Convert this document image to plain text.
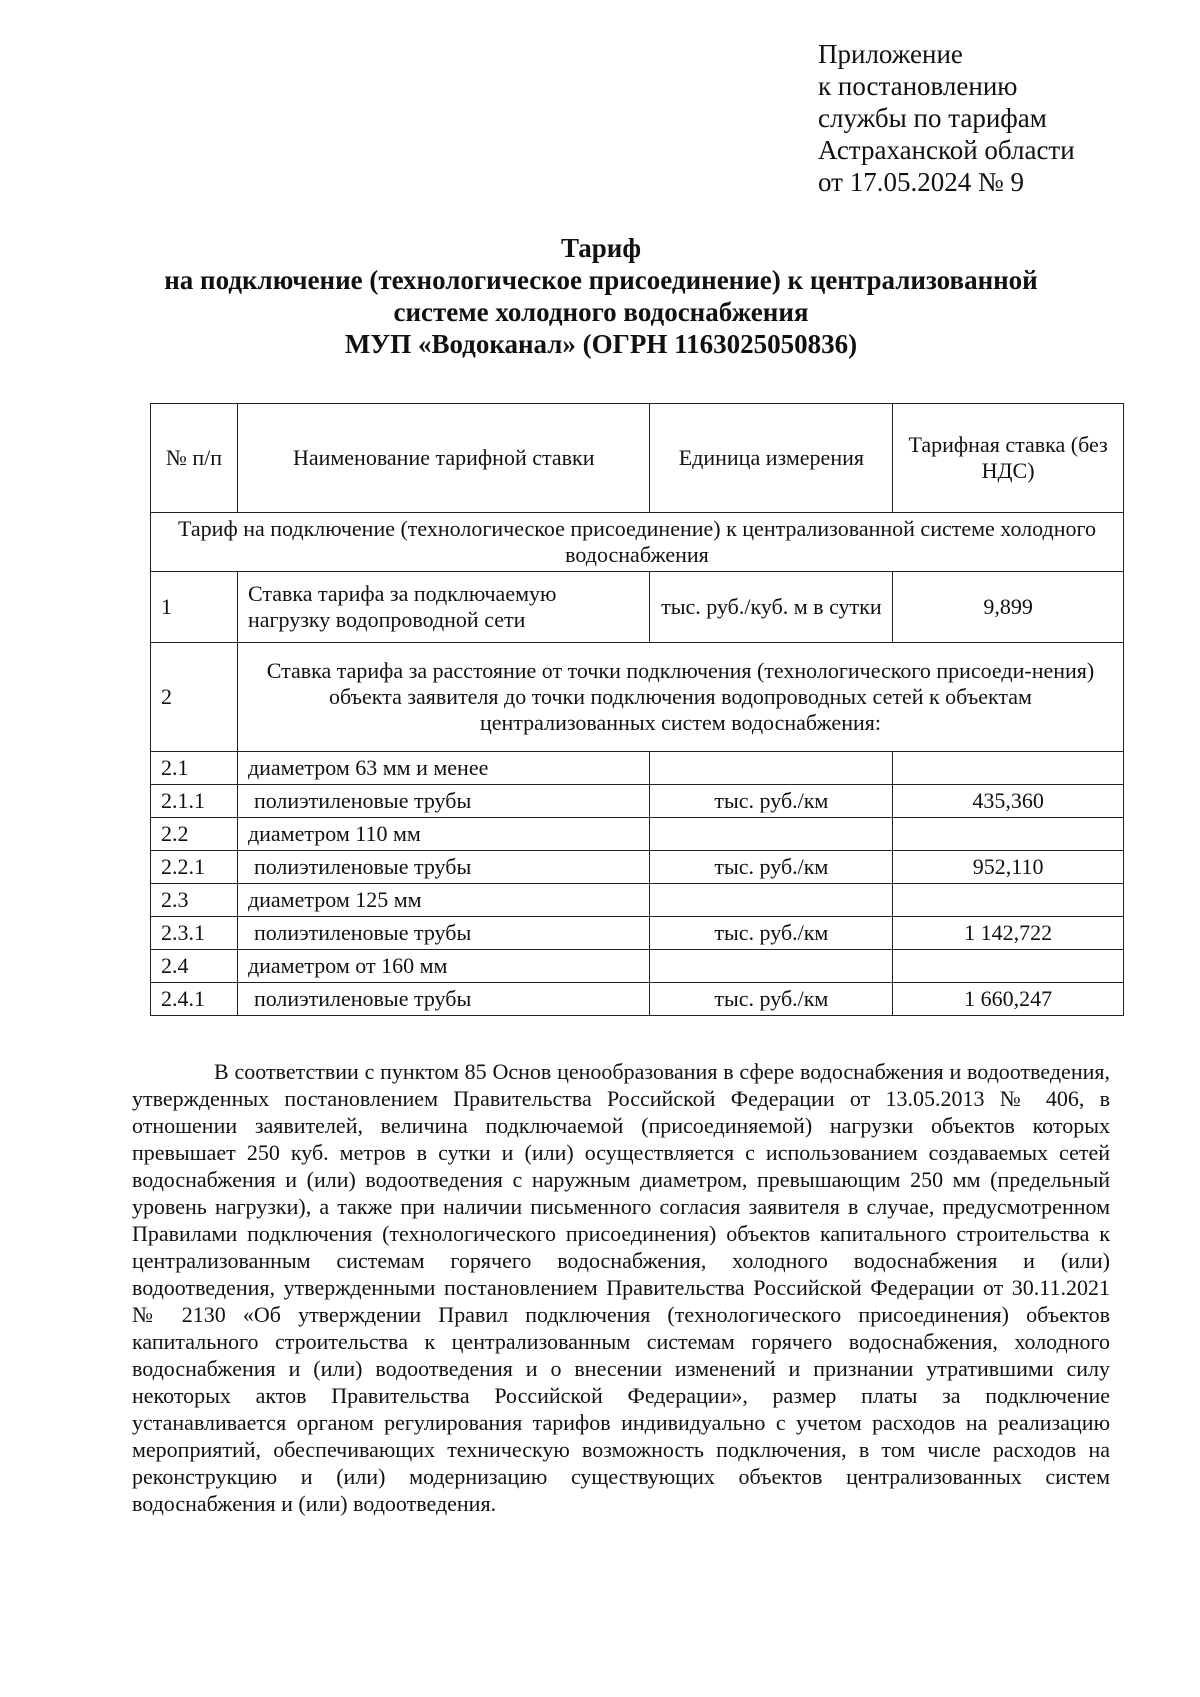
Приложение
к постановлению
службы по тарифам
Астраханской области
от 17.05.2024 № 9
Тариф
на подключение (технологическое присоединение) к централизованной
системе холодного водоснабжения
МУП «Водоканал» (ОГРН 1163025050836)
№ п/п	Наименование тарифной ставки	Единица измерения	Тарифная ставка (без НДС)
Тариф на подключение (технологическое присоединение) к централизованной системе холодного водоснабжения			
1	Ставка тарифа за подключаемую нагрузку водопроводной сети	тыс. руб./куб. м в сутки	9,899
2	Ставка тарифа за расстояние от точки подключения (технологического присоеди-нения) объекта заявителя до точки подключения водопроводных сетей к объектам централизованных систем водоснабжения:		
2.1	диаметром 63 мм и менее		
2.1.1	полиэтиленовые трубы	тыс. руб./км	435,360
2.2	диаметром 110 мм		
2.2.1	полиэтиленовые трубы	тыс. руб./км	952,110
2.3	диаметром 125 мм		
2.3.1	полиэтиленовые трубы	тыс. руб./км	1 142,722
2.4	диаметром от 160 мм		
2.4.1	полиэтиленовые трубы	тыс. руб./км	1 660,247

В соответствии с пунктом 85 Основ ценообразования в сфере водоснабжения и водоотведения, утвержденных постановлением Правительства Российской Федерации от 13.05.2013 № 406, в отношении заявителей, величина подключаемой (присоединяемой) нагрузки объектов которых превышает 250 куб. метров в сутки и (или) осуществляется с использованием создаваемых сетей водоснабжения и (или) водоотведения с наружным диаметром, превышающим 250 мм (предельный уровень нагрузки), а также при наличии письменного согласия заявителя в случае, предусмотренном Правилами подключения (технологического присоединения) объектов капитального строительства к централизованным системам горячего водоснабжения, холодного водоснабжения и (или) водоотведения, утвержденными постановлением Правительства Российской Федерации от 30.11.2021 № 2130 «Об утверждении Правил подключения (технологического присоединения) объектов капитального строительства к централизованным системам горячего водоснабжения, холодного водоснабжения и (или) водоотведения и о внесении изменений и признании утратившими силу некоторых актов Правительства Российской Федерации», размер платы за подключение устанавливается органом регулирования тарифов индивидуально с учетом расходов на реализацию мероприятий, обеспечивающих техническую возможность подключения, в том числе расходов на реконструкцию и (или) модернизацию существующих объектов централизованных систем водоснабжения и (или) водоотведения.
